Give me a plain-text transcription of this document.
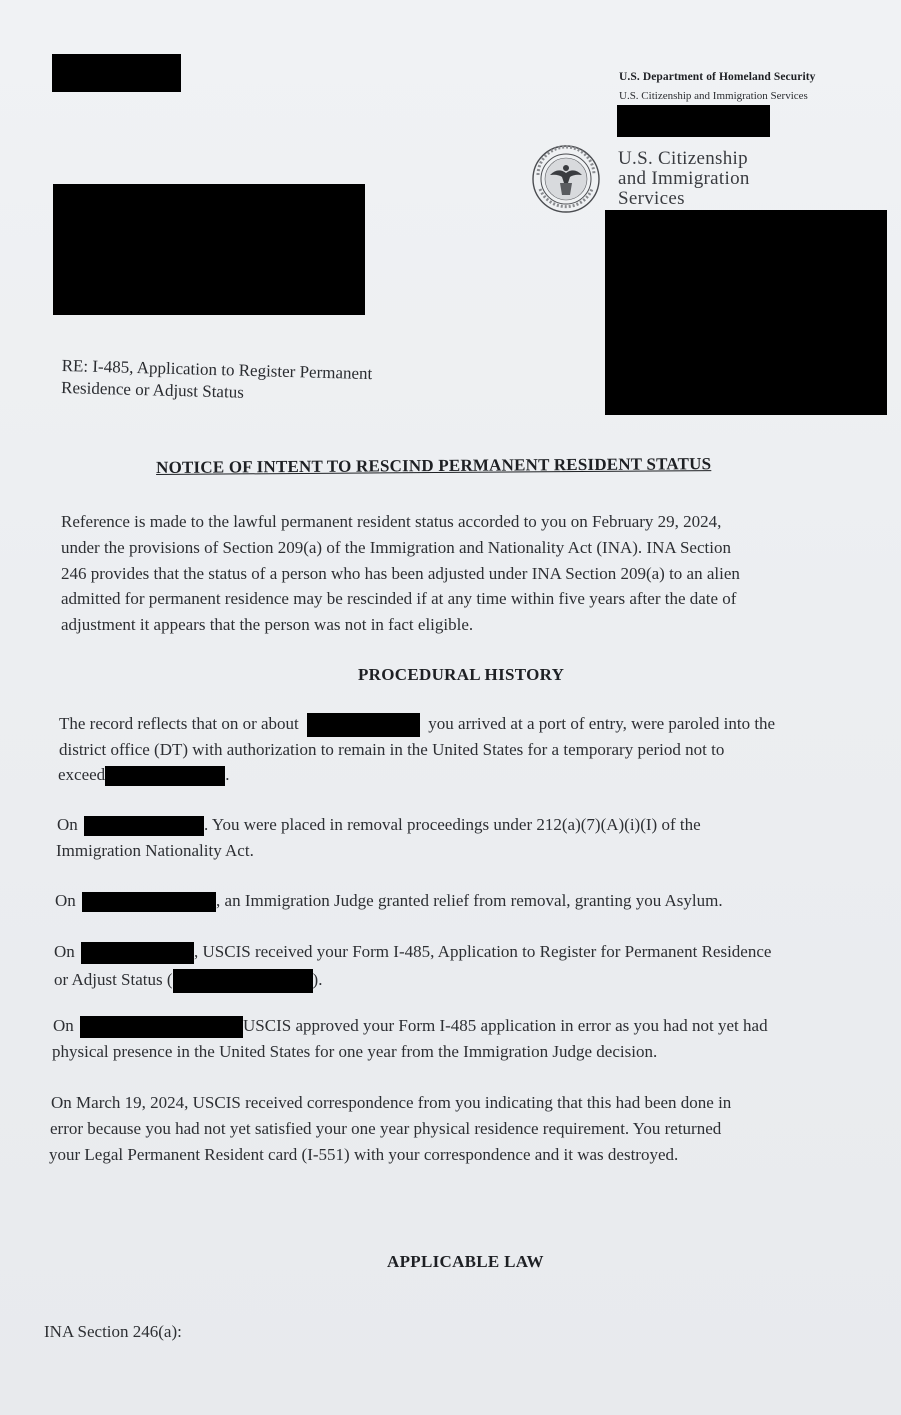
U.S. Department of Homeland Security
U.S. Citizenship and Immigration Services
U.S. Citizenship
and Immigration
Services
RE: I-485, Application to Register Permanent
Residence or Adjust Status
NOTICE OF INTENT TO RESCIND PERMANENT RESIDENT STATUS
Reference is made to the lawful permanent resident status accorded to you on February 29, 2024,
under the provisions of Section 209(a) of the Immigration and Nationality Act (INA). INA Section
246 provides that the status of a person who has been adjusted under INA Section 209(a) to an alien
admitted for permanent residence may be rescinded if at any time within five years after the date of
adjustment it appears that the person was not in fact eligible.
PROCEDURAL HISTORY
The record reflects that on or about	you arrived at a port of entry, were paroled into the
district office (DT) with authorization to remain in the United States for a temporary period not to
exceed	.
On	. You were placed in removal proceedings under 212(a)(7)(A)(i)(I) of the
Immigration Nationality Act.
On	, an Immigration Judge granted relief from removal, granting you Asylum.
On	, USCIS received your Form I-485, Application to Register for Permanent Residence
or Adjust Status (	).
On	USCIS approved your Form I-485 application in error as you had not yet had
physical presence in the United States for one year from the Immigration Judge decision.
On March 19, 2024, USCIS received correspondence from you indicating that this had been done in
error because you had not yet satisfied your one year physical residence requirement. You returned
your Legal Permanent Resident card (I-551) with your correspondence and it was destroyed.
APPLICABLE LAW
INA Section 246(a):
